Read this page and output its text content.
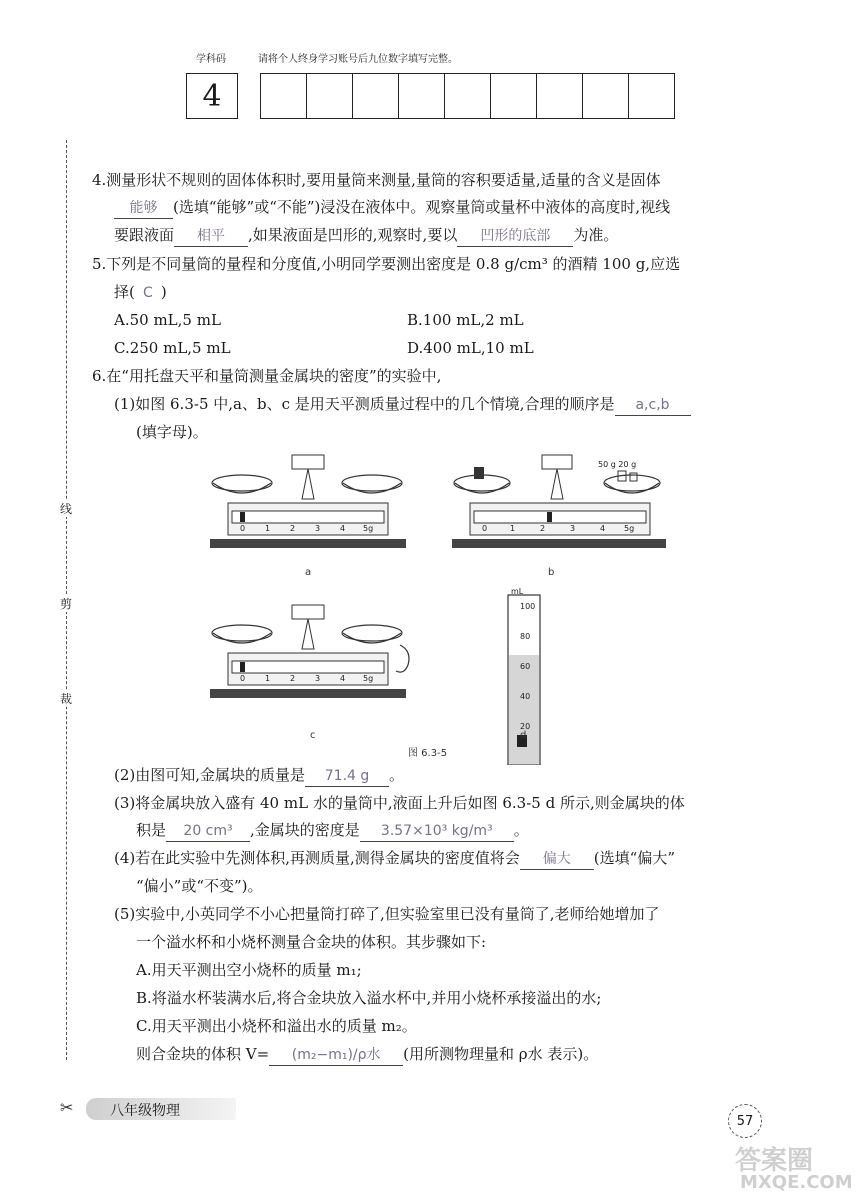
学科码	请将个人终身学习账号后九位数字填写完整。
4
线
剪
裁
4.测量形状不规则的固体体积时,要用量筒来测量,量筒的容积要适量,适量的含义是固体
能够 (选填“能够”或“不能”)浸没在液体中。观察量筒或量杯中液体的高度时,视线
要跟液面 相平 ,如果液面是凹形的,观察时,要以 凹形的底部 为准。
5.下列是不同量筒的量程和分度值,小明同学要测出密度是 0.8 g/cm³ 的酒精 100 g,应选
择( C )
A.50 mL,5 mL	B.100 mL,2 mL
C.250 mL,5 mL	D.400 mL,10 mL
6.在“用托盘天平和量筒测量金属块的密度”的实验中,
(1)如图 6.3-5 中,a、b、c 是用天平测质量过程中的几个情境,合理的顺序是 a,c,b
(填字母)。
0 1 2 3 4 5g	0	1	2	3	4 5g
50 g 20 g
0 1 2 3 4 5g
mL
100
80
60
40
20
a	b
c	d
图 6.3-5
(2)由图可知,金属块的质量是 71.4 g 。
(3)将金属块放入盛有 40 mL 水的量筒中,液面上升后如图 6.3-5 d 所示,则金属块的体
积是 20 cm³ ,金属块的密度是 3.57×10³ kg/m³ 。
(4)若在此实验中先测体积,再测质量,测得金属块的密度值将会 偏大 (选填“偏大”
“偏小”或“不变”)。
(5)实验中,小英同学不小心把量筒打碎了,但实验室里已没有量筒了,老师给她增加了
一个溢水杯和小烧杯测量合金块的体积。其步骤如下:
A.用天平测出空小烧杯的质量 m₁;
B.将溢水杯装满水后,将合金块放入溢水杯中,并用小烧杯承接溢出的水;
C.用天平测出小烧杯和溢出水的质量 m₂。
则合金块的体积 V= (m₂−m₁)/ρ水 (用所测物理量和 ρ水 表示)。
✂	八年级物理
57
答案圈
MXQE.COM
